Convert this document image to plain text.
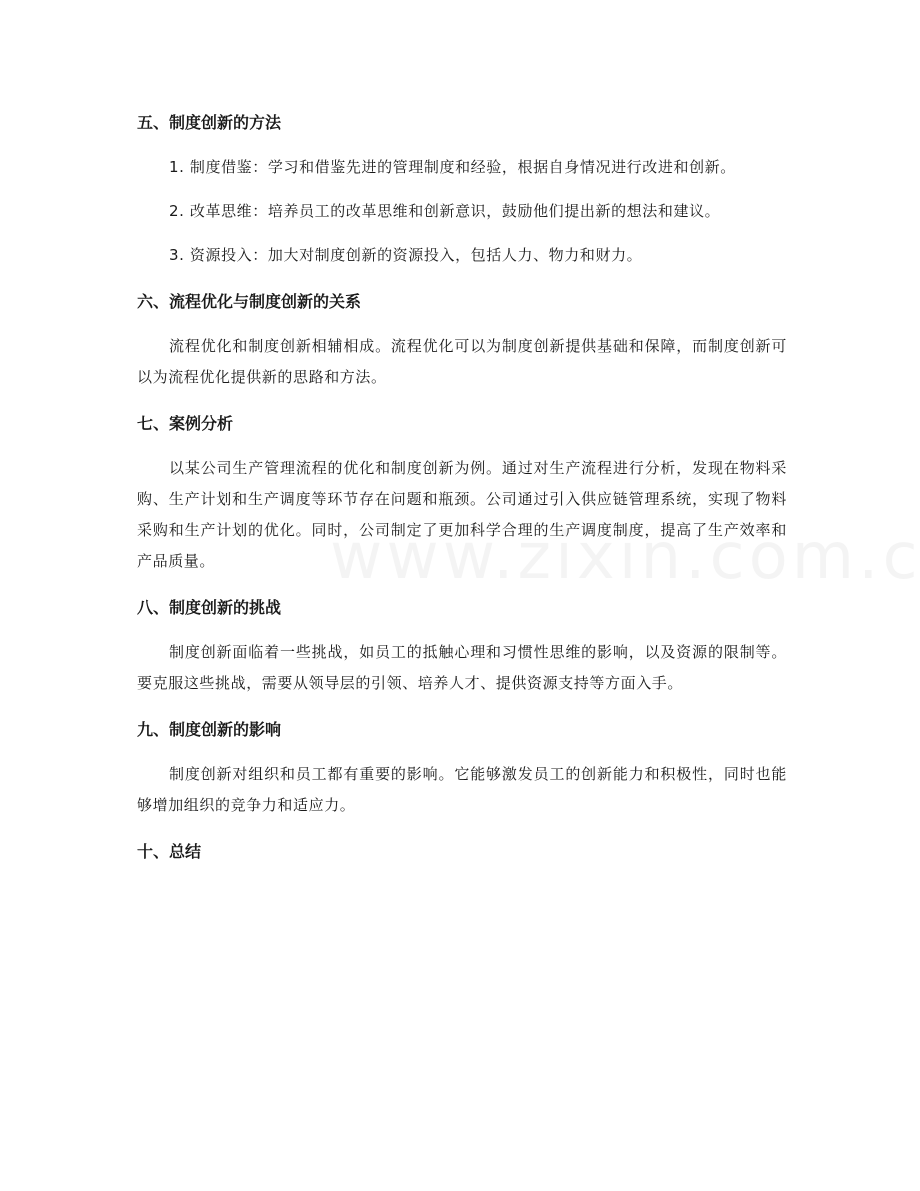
五、制度创新的方法

1. 制度借鉴：学习和借鉴先进的管理制度和经验，根据自身情况进行改进和创新。

2. 改革思维：培养员工的改革思维和创新意识，鼓励他们提出新的想法和建议。

3. 资源投入：加大对制度创新的资源投入，包括人力、物力和财力。

六、流程优化与制度创新的关系

流程优化和制度创新相辅相成。流程优化可以为制度创新提供基础和保障，而制度创新可以为流程优化提供新的思路和方法。

七、案例分析

以某公司生产管理流程的优化和制度创新为例。通过对生产流程进行分析，发现在物料采购、生产计划和生产调度等环节存在问题和瓶颈。公司通过引入供应链管理系统，实现了物料采购和生产计划的优化。同时，公司制定了更加科学合理的生产调度制度，提高了生产效率和产品质量。

八、制度创新的挑战

制度创新面临着一些挑战，如员工的抵触心理和习惯性思维的影响，以及资源的限制等。要克服这些挑战，需要从领导层的引领、培养人才、提供资源支持等方面入手。

九、制度创新的影响

制度创新对组织和员工都有重要的影响。它能够激发员工的创新能力和积极性，同时也能够增加组织的竞争力和适应力。

十、总结
